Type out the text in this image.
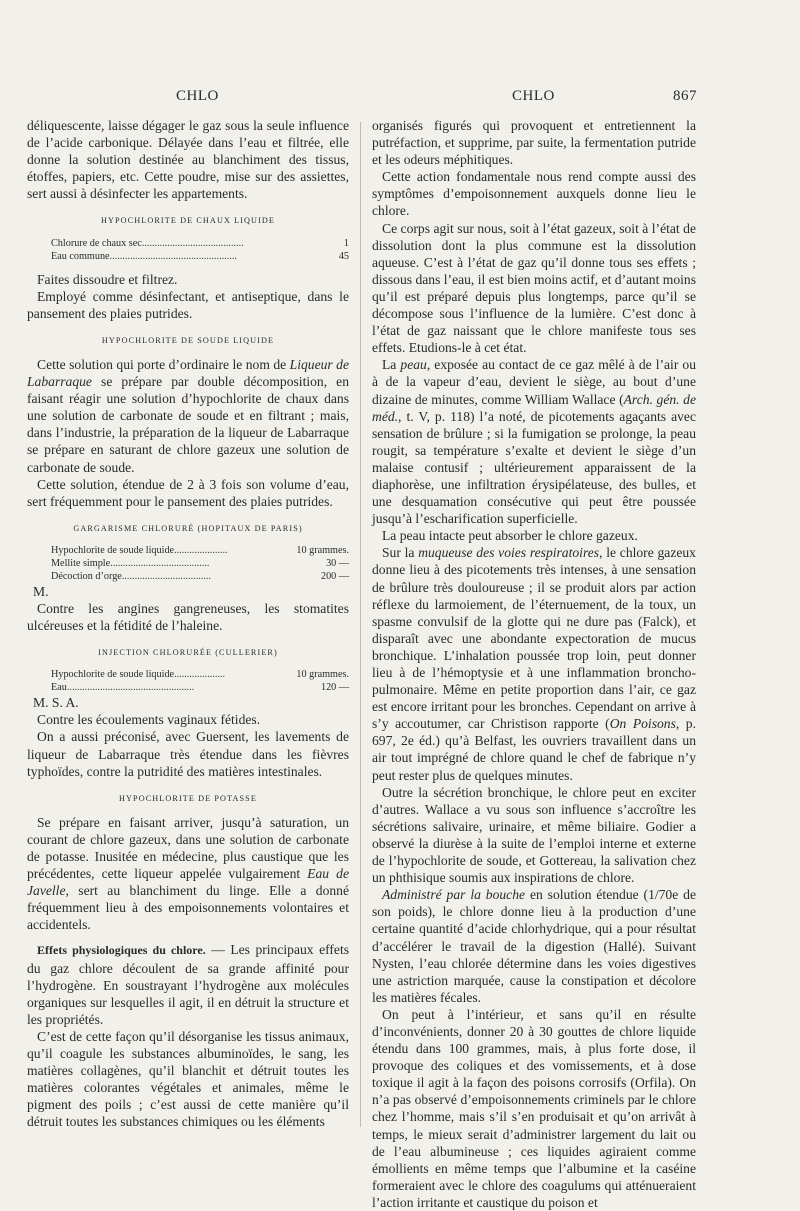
CHLO	CHLO	867

déliquescente, laisse dégager le gaz sous la seule influence de l’acide carbonique. Délayée dans l’eau et filtrée, elle donne la solution destinée au blanchiment des tissus, étoffes, papiers, etc. Cette poudre, mise sur des assiettes, sert aussi à désinfecter les appartements.

HYPOCHLORITE DE CHAUX LIQUIDE
Chlorure de chaux sec........................................	1
Eau commune..................................................	45

Faites dissoudre et filtrez.

Employé comme désinfectant, et antiseptique, dans le pansement des plaies putrides.

HYPOCHLORITE DE SOUDE LIQUIDE

Cette solution qui porte d’ordinaire le nom de Liqueur de Labarraque se prépare par double décomposition, en faisant réagir une solution d’hypochlorite de chaux dans une solution de carbonate de soude et en filtrant ; mais, dans l’industrie, la préparation de la liqueur de Labarraque se prépare en saturant de chlore gazeux une solution de carbonate de soude.

Cette solution, étendue de 2 à 3 fois son volume d’eau, sert fréquemment pour le pansement des plaies putrides.

GARGARISME CHLORURÉ (HOPITAUX DE PARIS)
Hypochlorite de soude liquide.....................	10 grammes.
Mellite simple.......................................	30 —
Décoction d’orge...................................	200 —

M.

Contre les angines gangreneuses, les stomatites ulcéreuses et la fétidité de l’haleine.

INJECTION CHLORURÉE (CULLERIER)
Hypochlorite de soude liquide....................	10 grammes.
Eau..................................................	120 —

M. S. A.

Contre les écoulements vaginaux fétides.

On a aussi préconisé, avec Guersent, les lavements de liqueur de Labarraque très étendue dans les fièvres typhoïdes, contre la putridité des matières intestinales.

HYPOCHLORITE DE POTASSE

Se prépare en faisant arriver, jusqu’à saturation, un courant de chlore gazeux, dans une solution de carbonate de potasse. Inusitée en médecine, plus caustique que les précédentes, cette liqueur appelée vulgairement Eau de Javelle, sert au blanchiment du linge. Elle a donné fréquemment lieu à des empoisonnements volontaires et accidentels.

Effets physiologiques du chlore. — Les principaux effets du gaz chlore découlent de sa grande affinité pour l’hydrogène. En soustrayant l’hydrogène aux molécules organiques sur lesquelles il agit, il en détruit la structure et les propriétés.

C’est de cette façon qu’il désorganise les tissus animaux, qu’il coagule les substances albuminoïdes, le sang, les matières collagènes, qu’il blanchit et détruit toutes les matières colorantes végétales et animales, même le pigment des poils ; c’est aussi de cette manière qu’il détruit toutes les substances chimiques ou les éléments

organisés figurés qui provoquent et entretiennent la putréfaction, et supprime, par suite, la fermentation putride et les odeurs méphitiques.

Cette action fondamentale nous rend compte aussi des symptômes d’empoisonnement auxquels donne lieu le chlore.

Ce corps agit sur nous, soit à l’état gazeux, soit à l’état de dissolution dont la plus commune est la dissolution aqueuse. C’est à l’état de gaz qu’il donne tous ses effets ; dissous dans l’eau, il est bien moins actif, et d’autant moins qu’il est préparé depuis plus longtemps, parce qu’il se décompose sous l’influence de la lumière. C’est donc à l’état de gaz naissant que le chlore manifeste tous ses effets. Etudions-le à cet état.

La peau, exposée au contact de ce gaz mêlé à de l’air ou à de la vapeur d’eau, devient le siège, au bout d’une dizaine de minutes, comme William Wallace (Arch. gén. de méd., t. V, p. 118) l’a noté, de picotements agaçants avec sensation de brûlure ; si la fumigation se prolonge, la peau rougit, sa température s’exalte et devient le siège d’un malaise contusif ; ultérieurement apparaissent de la diaphorèse, une infiltration érysipélateuse, des bulles, et une desquamation consécutive qui peut être poussée jusqu’à l’escharification superficielle.

La peau intacte peut absorber le chlore gazeux.

Sur la muqueuse des voies respiratoires, le chlore gazeux donne lieu à des picotements très intenses, à une sensation de brûlure très douloureuse ; il se produit alors par action réflexe du larmoiement, de l’éternuement, de la toux, un spasme convulsif de la glotte qui ne dure pas (Falck), et disparaît avec une abondante expectoration de mucus bronchique. L’inhalation poussée trop loin, peut donner lieu à de l’hémoptysie et à une inflammation broncho-pulmonaire. Même en petite proportion dans l’air, ce gaz est encore irritant pour les bronches. Cependant on arrive à s’y accoutumer, car Christison rapporte (On Poisons, p. 697, 2e éd.) qu’à Belfast, les ouvriers travaillent dans un air tout imprégné de chlore quand le chef de fabrique n’y peut rester plus de quelques minutes.

Outre la sécrétion bronchique, le chlore peut en exciter d’autres. Wallace a vu sous son influence s’accroître les sécrétions salivaire, urinaire, et même biliaire. Godier a observé la diurèse à la suite de l’emploi interne et externe de l’hypochlorite de soude, et Gottereau, la salivation chez un phthisique soumis aux inspirations de chlore.

Administré par la bouche en solution étendue (1/70e de son poids), le chlore donne lieu à la production d’une certaine quantité d’acide chlorhydrique, qui a pour résultat d’accélérer le travail de la digestion (Hallé). Suivant Nysten, l’eau chlorée détermine dans les voies digestives une astriction marquée, cause la constipation et décolore les matières fécales.

On peut à l’intérieur, et sans qu’il en résulte d’inconvénients, donner 20 à 30 gouttes de chlore liquide étendu dans 100 grammes, mais, à plus forte dose, il provoque des coliques et des vomissements, et à dose toxique il agit à la façon des poisons corrosifs (Orfila). On n’a pas observé d’empoisonnements criminels par le chlore chez l’homme, mais s’il s’en produisait et qu’on arrivât à temps, le mieux serait d’administrer largement du lait ou de l’eau albumineuse ; ces liquides agiraient comme émollients en même temps que l’albumine et la caséine formeraient avec le chlore des coagulums qui atténueraient l’action irritante et caustique du poison et
